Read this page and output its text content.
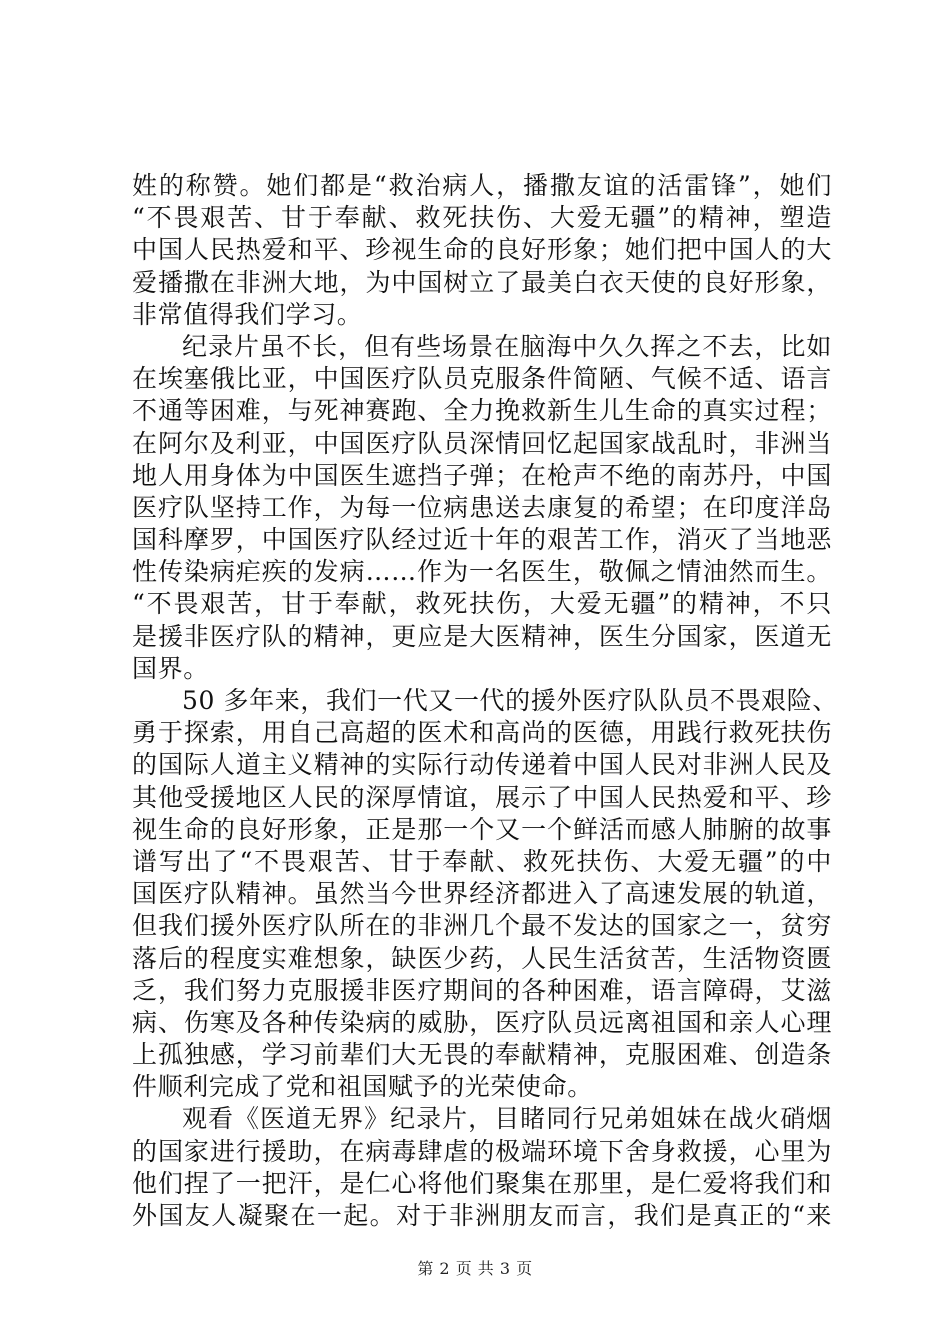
姓的称赞。她们都是“救治病人，播撒友谊的活雷锋”，她们
“不畏艰苦、甘于奉献、救死扶伤、大爱无疆”的精神，塑造
中国人民热爱和平、珍视生命的良好形象；她们把中国人的大
爱播撒在非洲大地，为中国树立了最美白衣天使的良好形象，
非常值得我们学习。
纪录片虽不长，但有些场景在脑海中久久挥之不去，比如
在埃塞俄比亚，中国医疗队员克服条件简陋、气候不适、语言
不通等困难，与死神赛跑、全力挽救新生儿生命的真实过程；
在阿尔及利亚，中国医疗队员深情回忆起国家战乱时，非洲当
地人用身体为中国医生遮挡子弹；在枪声不绝的南苏丹，中国
医疗队坚持工作，为每一位病患送去康复的希望；在印度洋岛
国科摩罗，中国医疗队经过近十年的艰苦工作，消灭了当地恶
性传染病疟疾的发病……作为一名医生，敬佩之情油然而生。
“不畏艰苦，甘于奉献，救死扶伤，大爱无疆”的精神，不只
是援非医疗队的精神，更应是大医精神，医生分国家，医道无
国界。
50 多年来，我们一代又一代的援外医疗队队员不畏艰险、
勇于探索，用自己高超的医术和高尚的医德，用践行救死扶伤
的国际人道主义精神的实际行动传递着中国人民对非洲人民及
其他受援地区人民的深厚情谊，展示了中国人民热爱和平、珍
视生命的良好形象，正是那一个又一个鲜活而感人肺腑的故事
谱写出了“不畏艰苦、甘于奉献、救死扶伤、大爱无疆”的中
国医疗队精神。虽然当今世界经济都进入了高速发展的轨道，
但我们援外医疗队所在的非洲几个最不发达的国家之一，贫穷
落后的程度实难想象，缺医少药，人民生活贫苦，生活物资匮
乏，我们努力克服援非医疗期间的各种困难，语言障碍，艾滋
病、伤寒及各种传染病的威胁，医疗队员远离祖国和亲人心理
上孤独感，学习前辈们大无畏的奉献精神，克服困难、创造条
件顺利完成了党和祖国赋予的光荣使命。
观看《医道无界》纪录片，目睹同行兄弟姐妹在战火硝烟
的国家进行援助，在病毒肆虐的极端环境下舍身救援，心里为
他们捏了一把汗，是仁心将他们聚集在那里，是仁爱将我们和
外国友人凝聚在一起。对于非洲朋友而言，我们是真正的“来
第 2 页 共 3 页
